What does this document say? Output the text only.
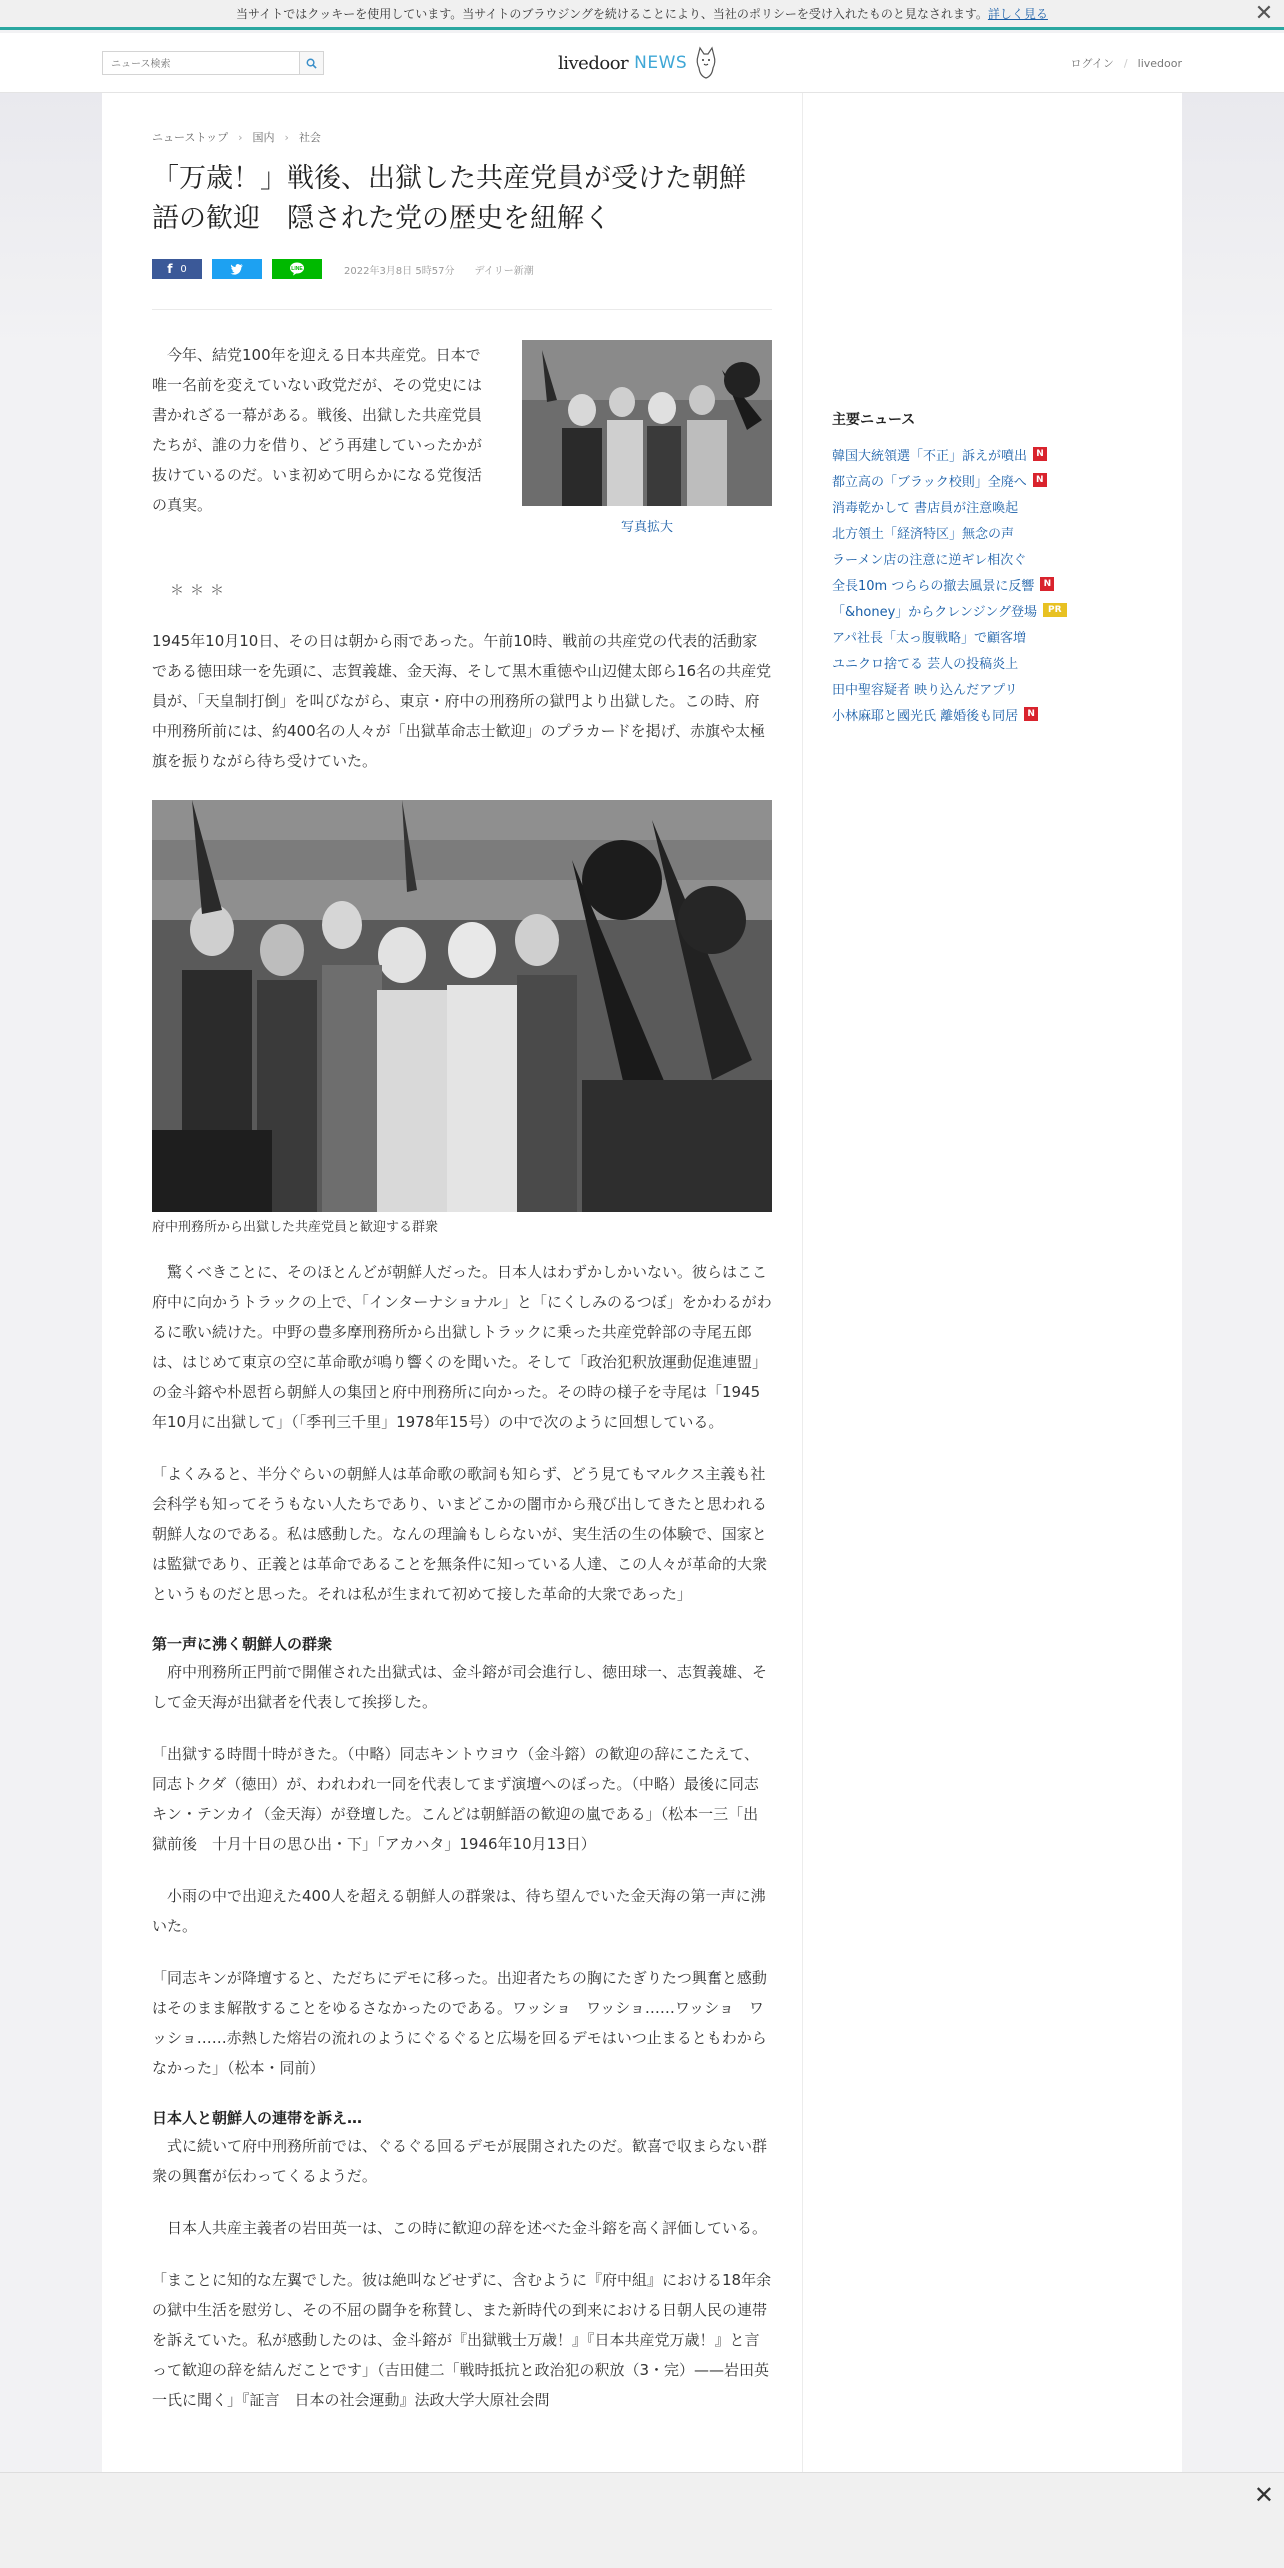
当サイトではクッキーを使用しています。当サイトのブラウジングを続けることにより、当社のポリシーを受け入れたものと見なされます。詳しく見る	✕
ニュース検索
livedoor NEWS	ログイン / livedoor
ニューストップ › 国内 › 社会
「万歳！」戦後、出獄した共産党員が受けた朝鮮語の歓迎　隠された党の歴史を紐解く
f 0	LINE	2022年3月8日 5時57分 デイリー新潮

今年、結党100年を迎える日本共産党。日本で唯一名前を変えていない政党だが、その党史には書かれざる一幕がある。戦後、出獄した共産党員たちが、誰の力を借り、どう再建していったかが抜けているのだ。いま初めて明らかになる党復活の真実。

写真拡大
＊＊＊

1945年10月10日、その日は朝から雨であった。午前10時、戦前の共産党の代表的活動家である徳田球一を先頭に、志賀義雄、金天海、そして黒木重徳や山辺健太郎ら16名の共産党員が、「天皇制打倒」を叫びながら、東京・府中の刑務所の獄門より出獄した。この時、府中刑務所前には、約400名の人々が「出獄革命志士歓迎」のプラカードを掲げ、赤旗や太極旗を振りながら待ち受けていた。

府中刑務所から出獄した共産党員と歓迎する群衆

驚くべきことに、そのほとんどが朝鮮人だった。日本人はわずかしかいない。彼らはここ府中に向かうトラックの上で、「インターナショナル」と「にくしみのるつぼ」をかわるがわるに歌い続けた。中野の豊多摩刑務所から出獄しトラックに乗った共産党幹部の寺尾五郎は、はじめて東京の空に革命歌が鳴り響くのを聞いた。そして「政治犯釈放運動促進連盟」の金斗鎔や朴恩哲ら朝鮮人の集団と府中刑務所に向かった。その時の様子を寺尾は「1945年10月に出獄して」（「季刊三千里」1978年15号）の中で次のように回想している。

「よくみると、半分ぐらいの朝鮮人は革命歌の歌詞も知らず、どう見てもマルクス主義も社会科学も知ってそうもない人たちであり、いまどこかの闇市から飛び出してきたと思われる朝鮮人なのである。私は感動した。なんの理論もしらないが、実生活の生の体験で、国家とは監獄であり、正義とは革命であることを無条件に知っている人達、この人々が革命的大衆というものだと思った。それは私が生まれて初めて接した革命的大衆であった」

第一声に沸く朝鮮人の群衆

府中刑務所正門前で開催された出獄式は、金斗鎔が司会進行し、徳田球一、志賀義雄、そして金天海が出獄者を代表して挨拶した。

「出獄する時間十時がきた。（中略）同志キントウヨウ（金斗鎔）の歓迎の辞にこたえて、同志トクダ（徳田）が、われわれ一同を代表してまず演壇へのぼった。（中略）最後に同志キン・テンカイ（金天海）が登壇した。こんどは朝鮮語の歓迎の嵐である」（松本一三「出獄前後　十月十日の思ひ出・下」「アカハタ」1946年10月13日）

小雨の中で出迎えた400人を超える朝鮮人の群衆は、待ち望んでいた金天海の第一声に沸いた。

「同志キンが降壇すると、ただちにデモに移った。出迎者たちの胸にたぎりたつ興奮と感動はそのまま解散することをゆるさなかったのである。ワッショ　ワッショ……ワッショ　ワッショ……赤熱した熔岩の流れのようにぐるぐると広場を回るデモはいつ止まるともわからなかった」（松本・同前）

日本人と朝鮮人の連帯を訴え…

式に続いて府中刑務所前では、ぐるぐる回るデモが展開されたのだ。歓喜で収まらない群衆の興奮が伝わってくるようだ。

日本人共産主義者の岩田英一は、この時に歓迎の辞を述べた金斗鎔を高く評価している。

「まことに知的な左翼でした。彼は絶叫などせずに、含むように『府中組』における18年余の獄中生活を慰労し、その不屈の闘争を称賛し、また新時代の到来における日朝人民の連帯を訴えていた。私が感動したのは、金斗鎔が『出獄戦士万歳！』『日本共産党万歳！』と言って歓迎の辞を結んだことです」（吉田健二「戦時抵抗と政治犯の釈放（3・完）——岩田英一氏に聞く」『証言　日本の社会運動』法政大学大原社会問

主要ニュース
韓国大統領選「不正」訴えが噴出	N
都立高の「ブラック校則」全廃へ	N
消毒乾かして 書店員が注意喚起
北方領土「経済特区」無念の声
ラーメン店の注意に逆ギレ相次ぐ
全長10m つららの撤去風景に反響	N
「&honey」からクレンジング登場	PR
アパ社長「太っ腹戦略」で顧客増
ユニクロ捨てる 芸人の投稿炎上
田中聖容疑者 映り込んだアプリ
小林麻耶と國光氏 離婚後も同居	N
✕
